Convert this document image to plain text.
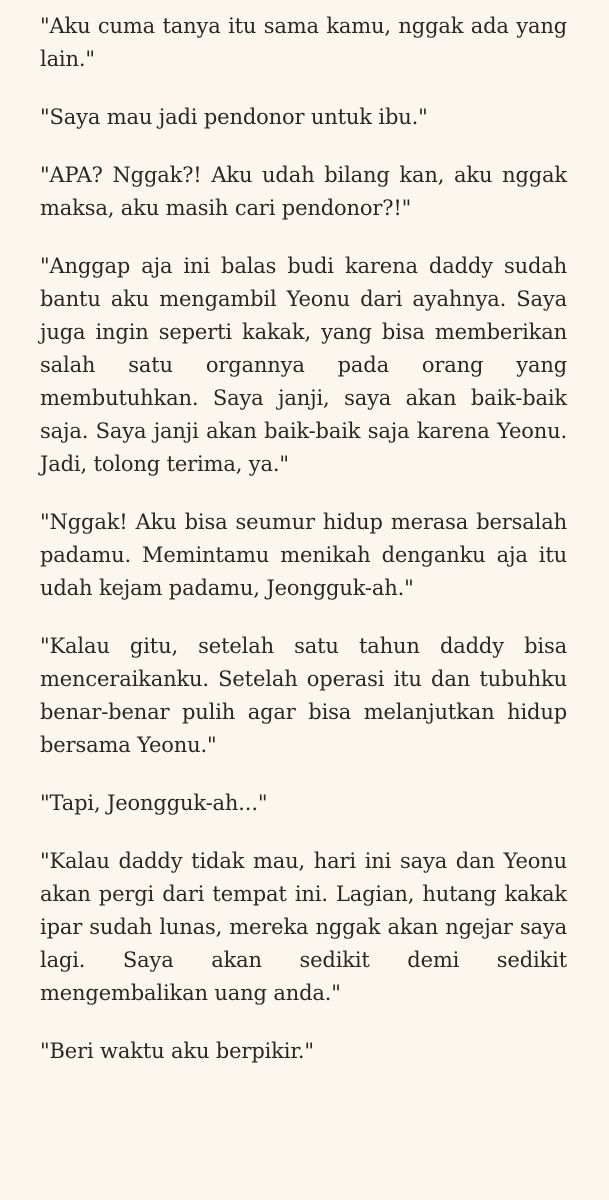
"Aku cuma tanya itu sama kamu, nggak ada yang lain."

"Saya mau jadi pendonor untuk ibu."

"APA? Nggak?! Aku udah bilang kan, aku nggak maksa, aku masih cari pendonor?!"

"Anggap aja ini balas budi karena daddy sudah bantu aku mengambil Yeonu dari ayahnya. Saya juga ingin seperti kakak, yang bisa memberikan salah satu organnya pada orang yang membutuhkan. Saya janji, saya akan baik-baik saja. Saya janji akan baik-baik saja karena Yeonu. Jadi, tolong terima, ya."

"Nggak! Aku bisa seumur hidup merasa bersalah padamu. Memintamu menikah denganku aja itu udah kejam padamu, Jeongguk-ah."

"Kalau gitu, setelah satu tahun daddy bisa menceraikanku. Setelah operasi itu dan tubuhku benar-benar pulih agar bisa melanjutkan hidup bersama Yeonu."

"Tapi, Jeongguk-ah..."

"Kalau daddy tidak mau, hari ini saya dan Yeonu akan pergi dari tempat ini. Lagian, hutang kakak ipar sudah lunas, mereka nggak akan ngejar saya lagi. Saya akan sedikit demi sedikit mengembalikan uang anda."

"Beri waktu aku berpikir."
